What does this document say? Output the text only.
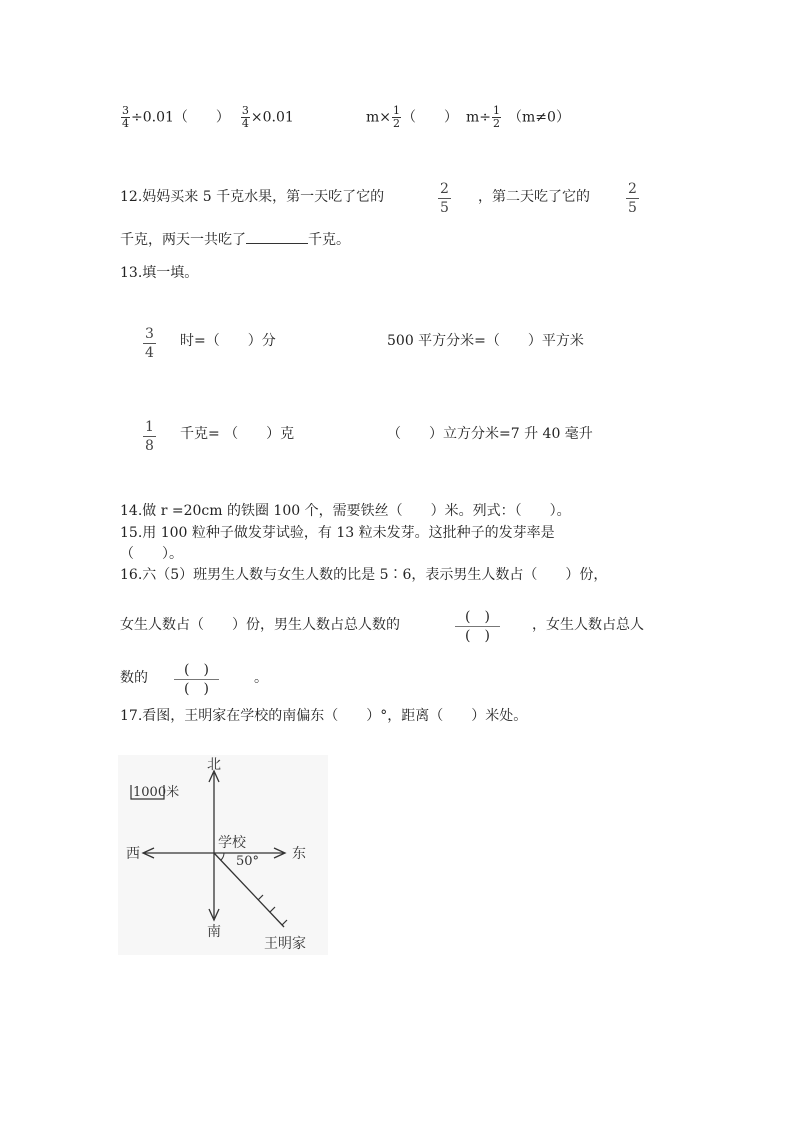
$\frac{3}{4} \div 0.01$（　　） $\frac{3}{4} \times 0.01$	$m\times \frac{1}{2}$ （　　） $m\div \frac{1}{2} (m\ne 0)$
12.妈妈买来 5 千克水果，第一天吃了它的	2
5
，第二天吃了它的	2
5
千克，两天一共吃了	千克。
13.填一填。
3
4
时=（　　）分	500 平方分米=（　　）平方米
1
8
千克= （　　）克	（　　）立方分米=7 升 40 毫升
14.做 r =20cm 的铁圈 100 个，需要铁丝（　　）米。列式：（　　）。
15.用 100 粒种子做发芽试验，有 13 粒未发芽。这批种子的发芽率是
（　　）。
16.六（5）班男生人数与女生人数的比是 5∶6，表示男生人数占（　　）份，
女生人数占（　　）份，男生人数占总人数的	(　)
(　)
，女生人数占总人
数的	(　)
(　)
。
17.看图，王明家在学校的南偏东（　　）°，距离（　　）米处。
1000米
北
南
西	东
学校
50°
王明家
